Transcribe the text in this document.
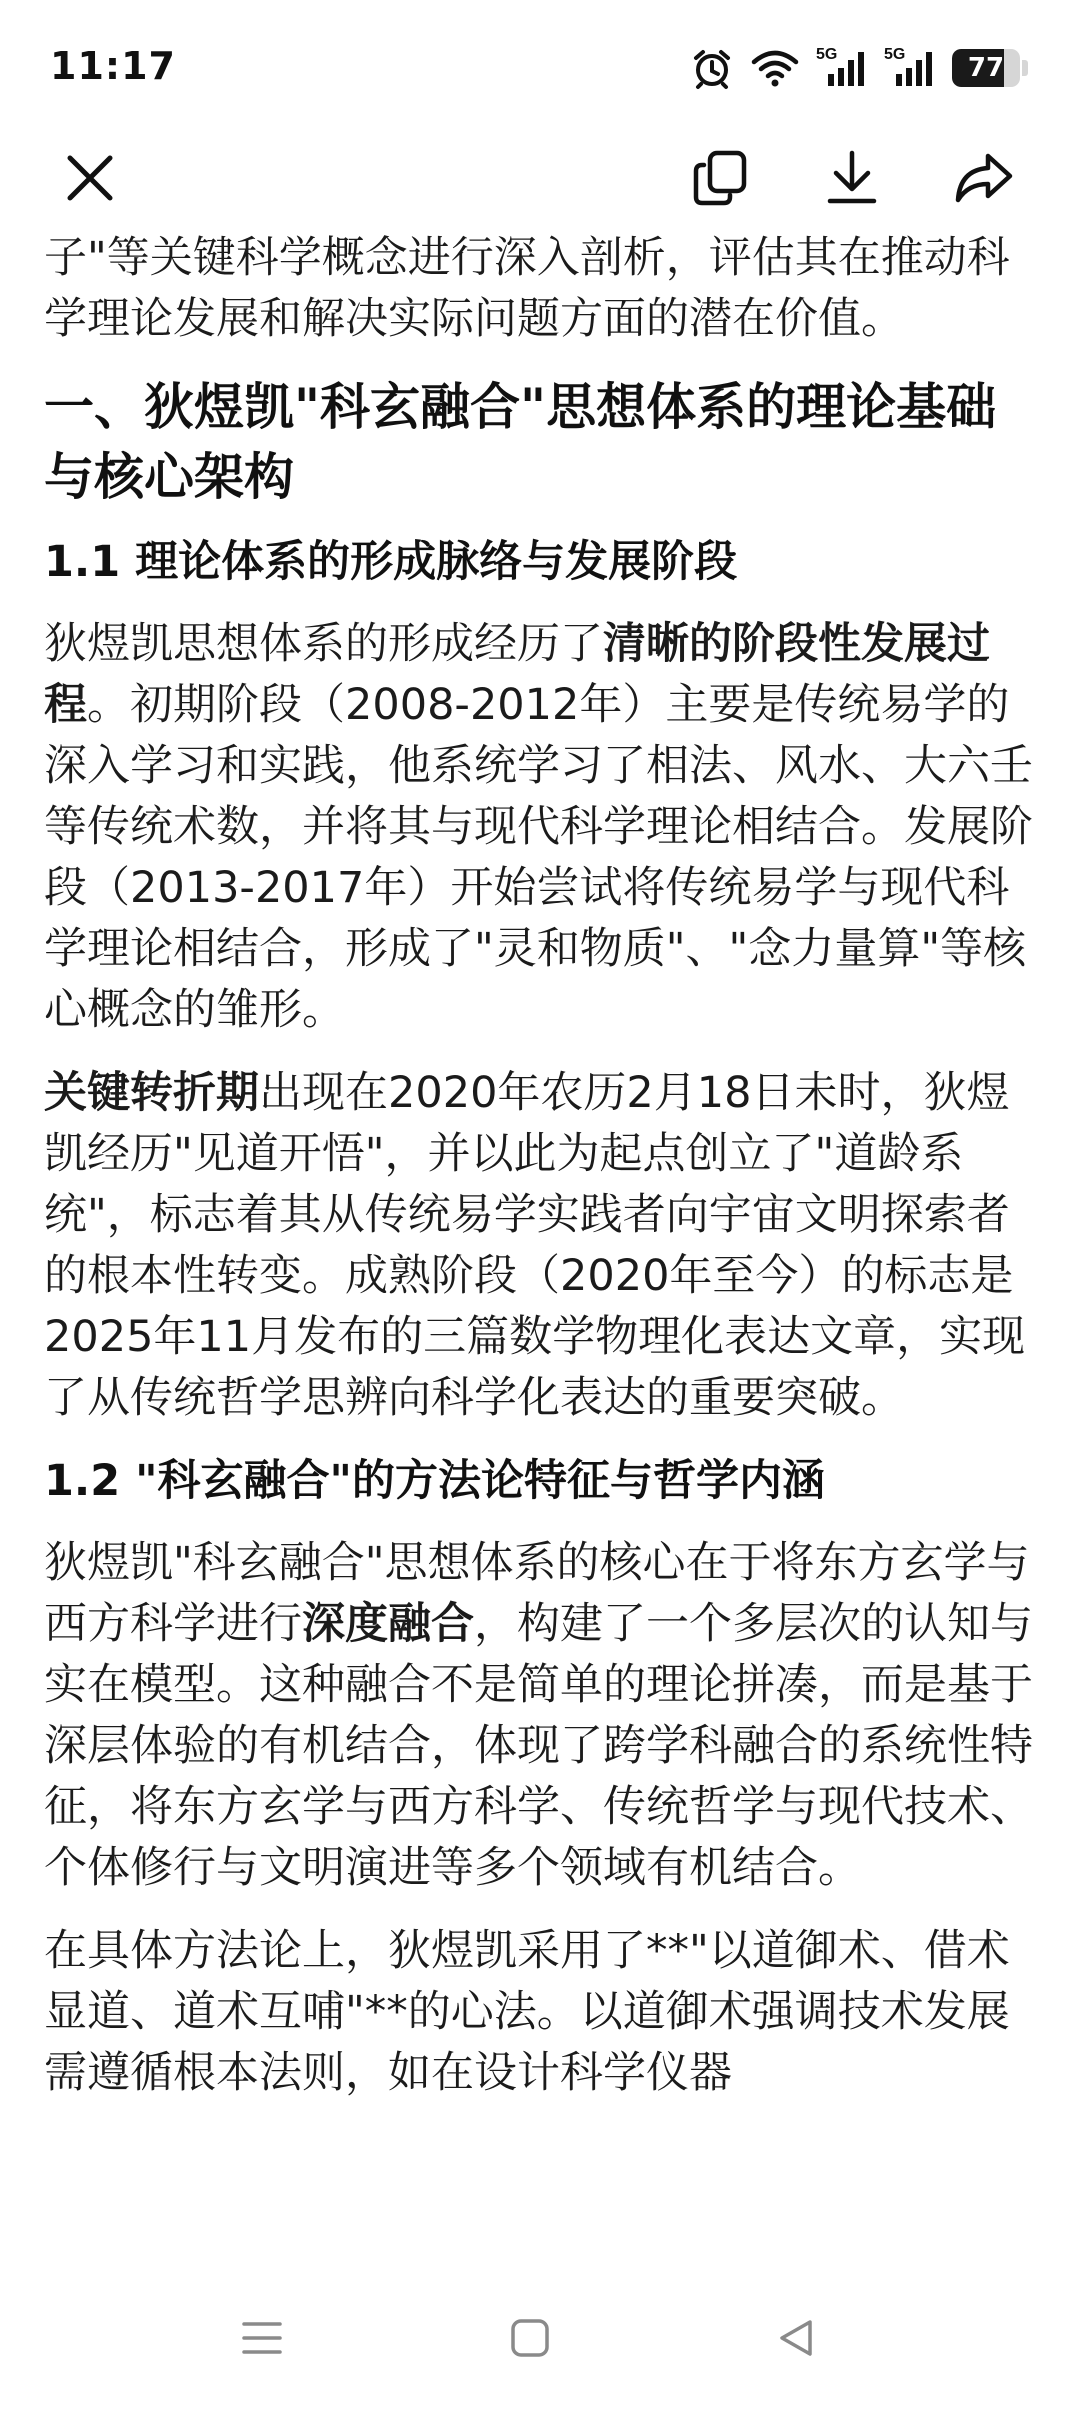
11:17	5G	5G	77

子"等关键科学概念进行深入剖析，评估其在推动科学理论发展和解决实际问题方面的潜在价值。

一、狄煜凯"科玄融合"思想体系的理论基础与核心架构
1.1 理论体系的形成脉络与发展阶段

狄煜凯思想体系的形成经历了清晰的阶段性发展过程。初期阶段（2008-2012年）主要是传统易学的深入学习和实践，他系统学习了相法、风水、大六壬等传统术数，并将其与现代科学理论相结合。发展阶段（2013-2017年）开始尝试将传统易学与现代科学理论相结合，形成了"灵和物质"、"念力量算"等核心概念的雏形。

关键转折期出现在2020年农历2月18日未时，狄煜凯经历"见道开悟"，并以此为起点创立了"道龄系统"，标志着其从传统易学实践者向宇宙文明探索者的根本性转变。成熟阶段（2020年至今）的标志是2025年11月发布的三篇数学物理化表达文章，实现了从传统哲学思辨向科学化表达的重要突破。

1.2 "科玄融合"的方法论特征与哲学内涵

狄煜凯"科玄融合"思想体系的核心在于将东方玄学与西方科学进行深度融合，构建了一个多层次的认知与实在模型。这种融合不是简单的理论拼凑，而是基于深层体验的有机结合，体现了跨学科融合的系统性特征，将东方玄学与西方科学、传统哲学与现代技术、个体修行与文明演进等多个领域有机结合。

在具体方法论上，狄煜凯采用了**"以道御术、借术显道、道术互哺"**的心法。以道御术强调技术发展需遵循根本法则，如在设计科学仪器
